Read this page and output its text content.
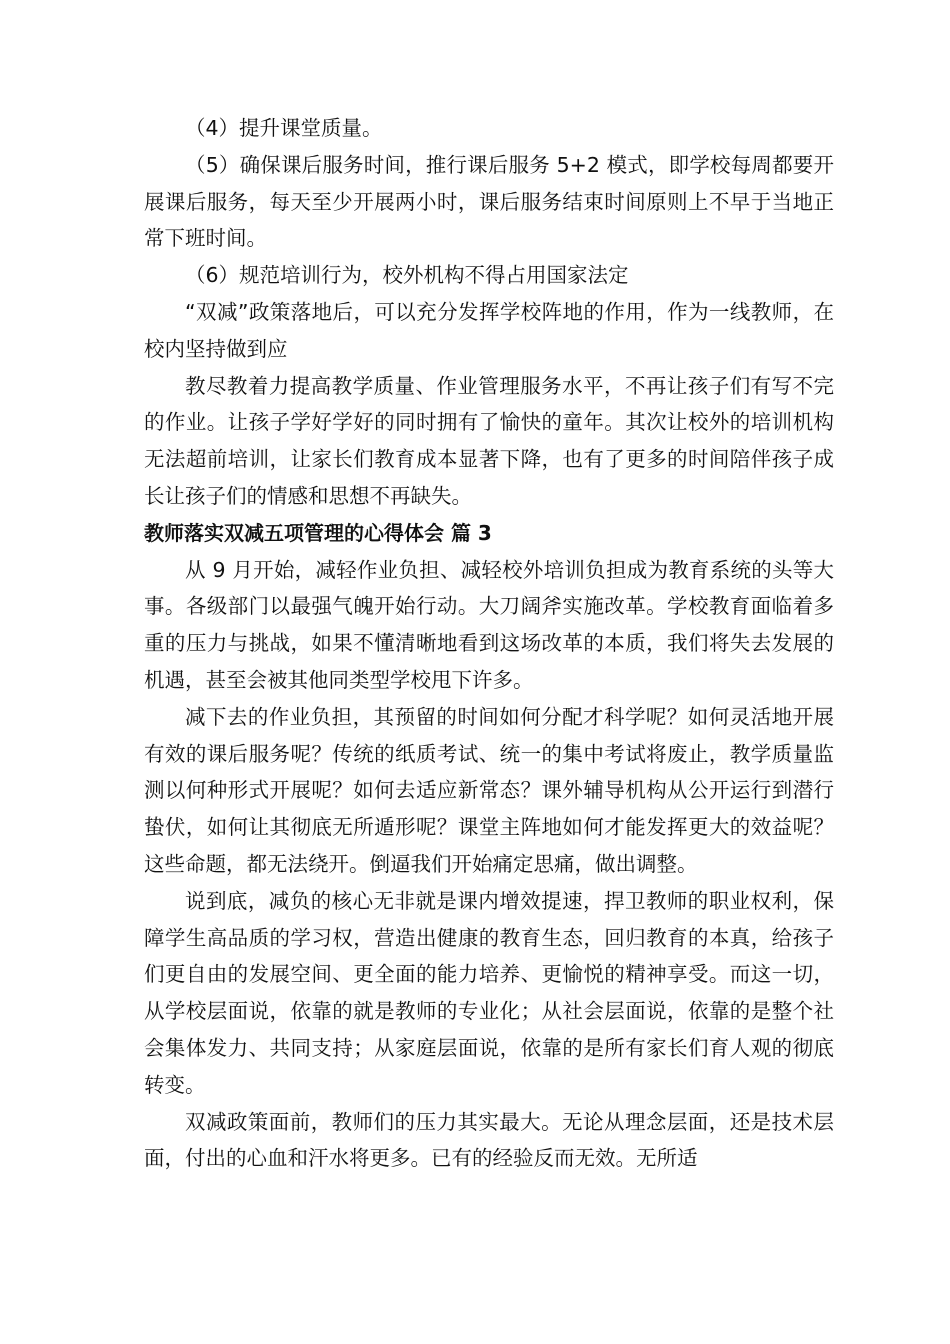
（4）提升课堂质量。

（5）确保课后服务时间，推行课后服务 5+2 模式，即学校每周都要开展课后服务，每天至少开展两小时，课后服务结束时间原则上不早于当地正常下班时间。

（6）规范培训行为，校外机构不得占用国家法定

“双减”政策落地后，可以充分发挥学校阵地的作用，作为一线教师，在校内坚持做到应

教尽教着力提高教学质量、作业管理服务水平，不再让孩子们有写不完的作业。让孩子学好学好的同时拥有了愉快的童年。其次让校外的培训机构无法超前培训，让家长们教育成本显著下降，也有了更多的时间陪伴孩子成长让孩子们的情感和思想不再缺失。

教师落实双减五项管理的心得体会 篇 3

从 9 月开始，减轻作业负担、减轻校外培训负担成为教育系统的头等大事。各级部门以最强气魄开始行动。大刀阔斧实施改革。学校教育面临着多重的压力与挑战，如果不懂清晰地看到这场改革的本质，我们将失去发展的机遇，甚至会被其他同类型学校甩下许多。

减下去的作业负担，其预留的时间如何分配才科学呢？如何灵活地开展有效的课后服务呢？传统的纸质考试、统一的集中考试将废止，教学质量监测以何种形式开展呢？如何去适应新常态？课外辅导机构从公开运行到潜行蛰伏，如何让其彻底无所遁形呢？课堂主阵地如何才能发挥更大的效益呢？这些命题，都无法绕开。倒逼我们开始痛定思痛，做出调整。

说到底，减负的核心无非就是课内增效提速，捍卫教师的职业权利，保障学生高品质的学习权，营造出健康的教育生态，回归教育的本真，给孩子们更自由的发展空间、更全面的能力培养、更愉悦的精神享受。而这一切，从学校层面说，依靠的就是教师的专业化；从社会层面说，依靠的是整个社会集体发力、共同支持；从家庭层面说，依靠的是所有家长们育人观的彻底转变。

双减政策面前，教师们的压力其实最大。无论从理念层面，还是技术层面，付出的心血和汗水将更多。已有的经验反而无效。无所适
